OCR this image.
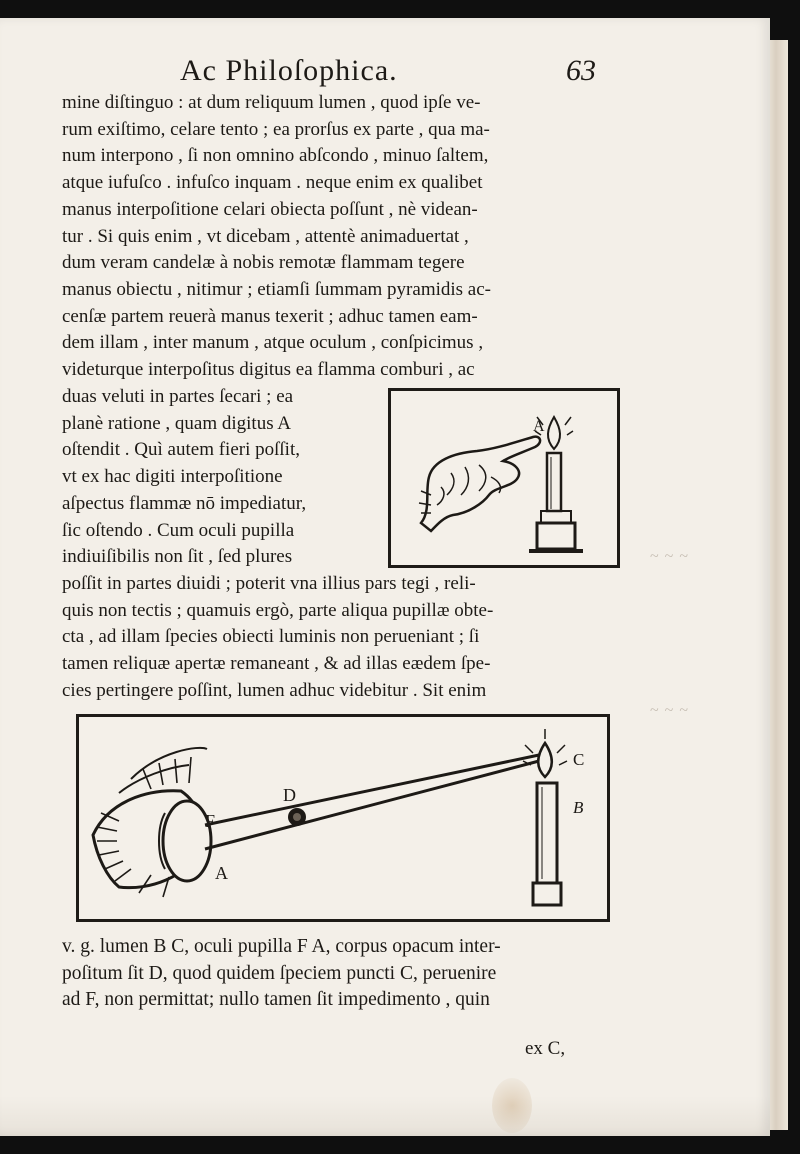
Ac Philoſophica.	63
mine diſtinguo : at dum reliquum lumen , quod ipſe ve-
rum exiſtimo, celare tento ; ea prorſus ex parte , qua ma-
num interpono , ſi non omnino abſcondo , minuo ſaltem,
atque iufuſco . infuſco inquam . neque enim ex qualibet
manus interpoſitione celari obiecta poſſunt , nè videan-
tur . Si quis enim , vt dicebam , attentè animaduertat ,
dum veram candelæ à nobis remotæ flammam tegere
manus obiectu , nitimur ; etiamſi ſummam pyramidis ac-
cenſæ partem reuerà manus texerit ; adhuc tamen eam-
dem illam , inter manum , atque oculum , conſpicimus ,
videturque interpoſitus digitus ea flamma comburi , ac
duas veluti in partes ſecari ; ea
planè ratione , quam digitus A
oſtendit . Quì autem fieri poſſit,
vt ex hac digiti interpoſitione
aſpectus flammæ nō impediatur,
ſic oſtendo . Cum oculi pupilla
indiuiſibilis non ſit , ſed plures
A
poſſit in partes diuidi ; poterit vna illius pars tegi , reli-
quis non tectis ; quamuis ergò, parte aliqua pupillæ obte-
cta , ad illam ſpecies obiecti luminis non perueniant ; ſi
tamen reliquæ apertæ remaneant , & ad illas eædem ſpe-
cies pertingere poſſint, lumen adhuc videbitur . Sit enim
C
B
D
F
A
v. g. lumen B C, oculi pupilla F A, corpus opacum inter-
poſitum ſit D, quod quidem ſpeciem puncti C, peruenire
ad F, non permittat; nullo tamen ſit impedimento , quin
ex C,
~ ~ ~
~ ~ ~
